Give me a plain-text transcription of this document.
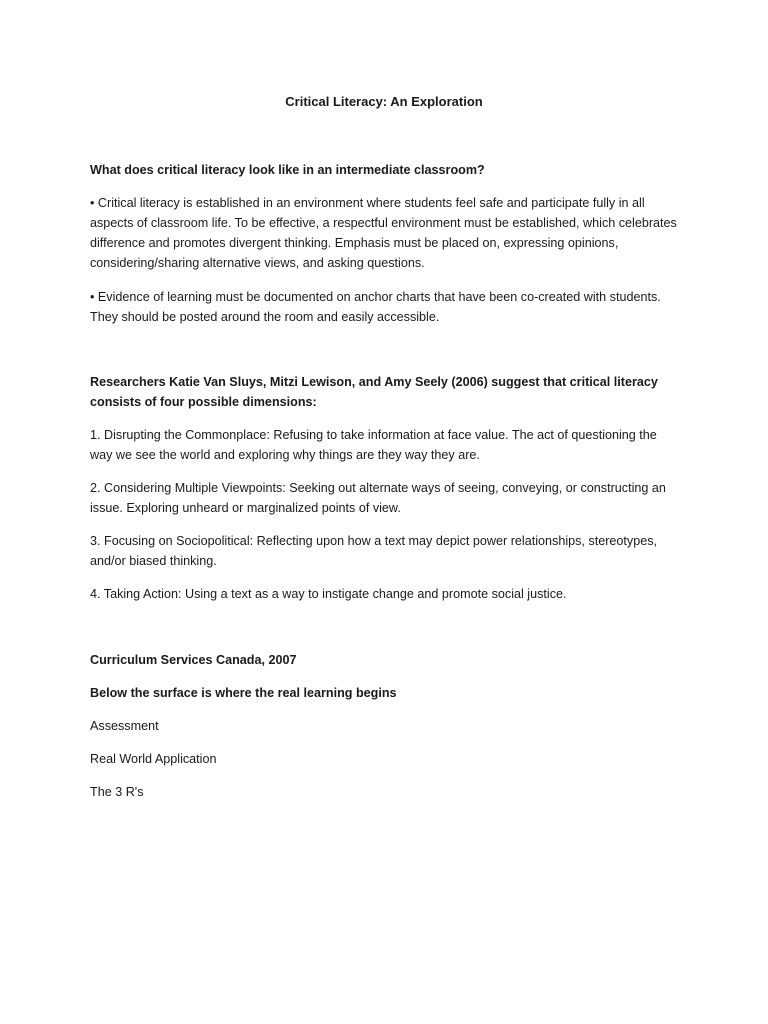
Critical Literacy: An Exploration

What does critical literacy look like in an intermediate classroom?

• Critical literacy is established in an environment where students feel safe and participate fully in all aspects of classroom life. To be effective, a respectful environment must be established, which celebrates difference and promotes divergent thinking. Emphasis must be placed on, expressing opinions, considering/sharing alternative views, and asking questions.

• Evidence of learning must be documented on anchor charts that have been co-created with students. They should be posted around the room and easily accessible.

Researchers Katie Van Sluys, Mitzi Lewison, and Amy Seely (2006) suggest that critical literacy consists of four possible dimensions:

1. Disrupting the Commonplace: Refusing to take information at face value. The act of questioning the way we see the world and exploring why things are they way they are.

2. Considering Multiple Viewpoints: Seeking out alternate ways of seeing, conveying, or constructing an issue. Exploring unheard or marginalized points of view.

3. Focusing on Sociopolitical: Reflecting upon how a text may depict power relationships, stereotypes, and/or biased thinking.

4. Taking Action: Using a text as a way to instigate change and promote social justice.

Curriculum Services Canada, 2007

Below the surface is where the real learning begins

Assessment

Real World Application

The 3 R's
